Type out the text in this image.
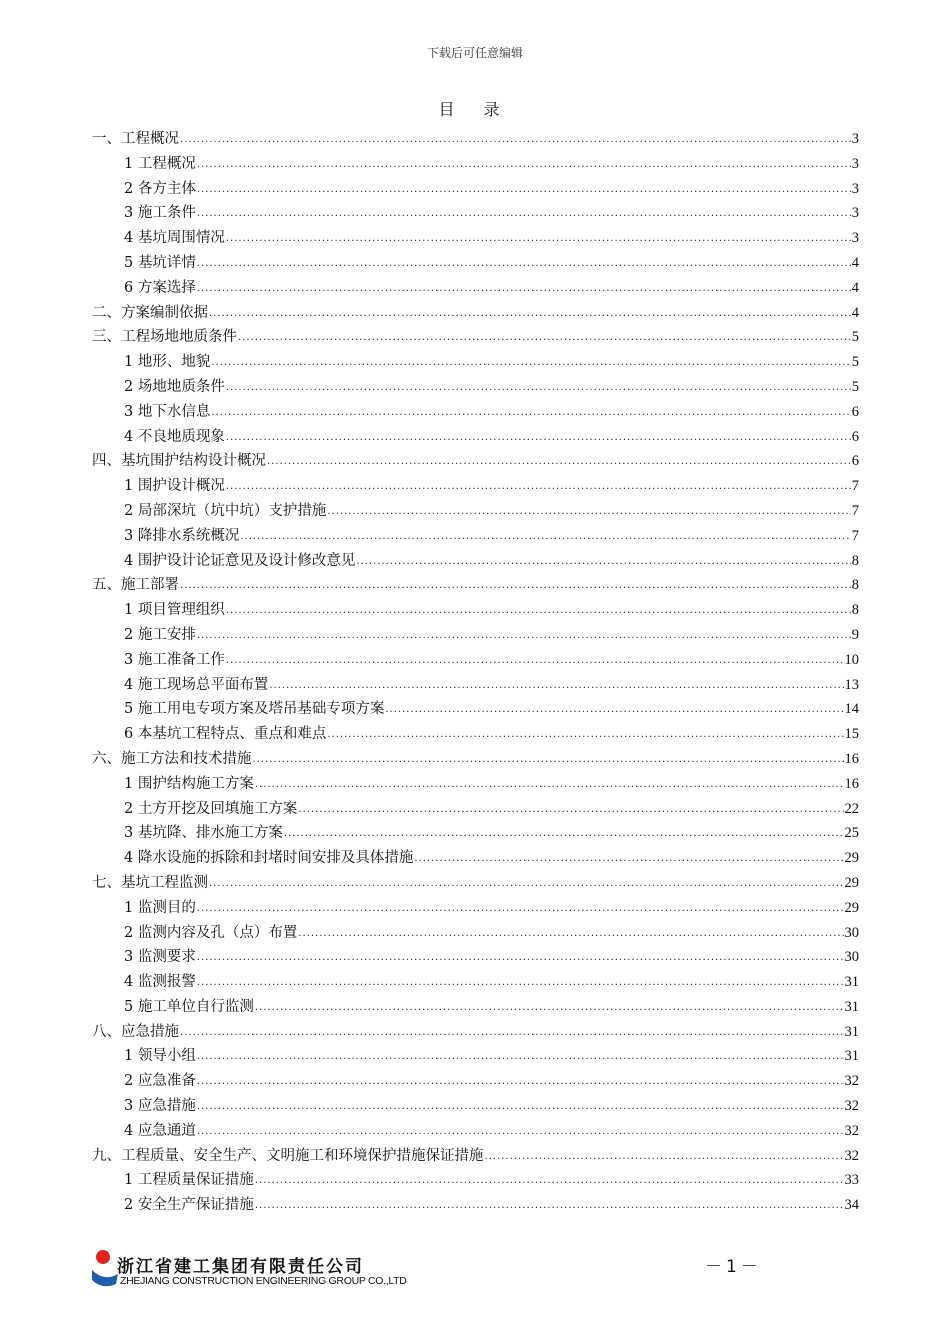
下载后可任意编辑
目 录
一、工程概况 .....	3
1 工程概况 .....	3
2 各方主体 .....	3
3 施工条件 .....	3
4 基坑周围情况 .....	3
5 基坑详情 .....	4
6 方案选择 .....	4
二、方案编制依据 .....	4
三、工程场地地质条件 .....	5
1 地形、地貌 .....	5
2 场地地质条件 .....	5
3 地下水信息 .....	6
4 不良地质现象 .....	6
四、基坑围护结构设计概况 .....	6
1 围护设计概况 .....	7
2 局部深坑（坑中坑）支护措施 .....	7
3 降排水系统概况 .....	7
4 围护设计论证意见及设计修改意见 .....	8
五、施工部署 .....	8
1 项目管理组织 .....	8
2 施工安排 .....	9
3 施工准备工作 .....	10
4 施工现场总平面布置 .....	13
5 施工用电专项方案及塔吊基础专项方案 .....	14
6 本基坑工程特点、重点和难点 .....	15
六、施工方法和技术措施 .....	16
1 围护结构施工方案 .....	16
2 土方开挖及回填施工方案 .....	22
3 基坑降、排水施工方案 .....	25
4 降水设施的拆除和封堵时间安排及具体措施 .....	29
七、基坑工程监测 .....	29
1 监测目的 .....	29
2 监测内容及孔（点）布置 .....	30
3 监测要求 .....	30
4 监测报警 .....	31
5 施工单位自行监测 .....	31
八、应急措施 .....	31
1 领导小组 .....	31
2 应急准备 .....	32
3 应急措施 .....	32
4 应急通道 .....	32
九、工程质量、安全生产、文明施工和环境保护措施保证措施 .....	32
1 工程质量保证措施 .....	33
2 安全生产保证措施 .....	34
浙江省建工集团有限责任公司
ZHEJIANG CONSTRUCTION ENGINEERING GROUP CO.,LTD
－1－
